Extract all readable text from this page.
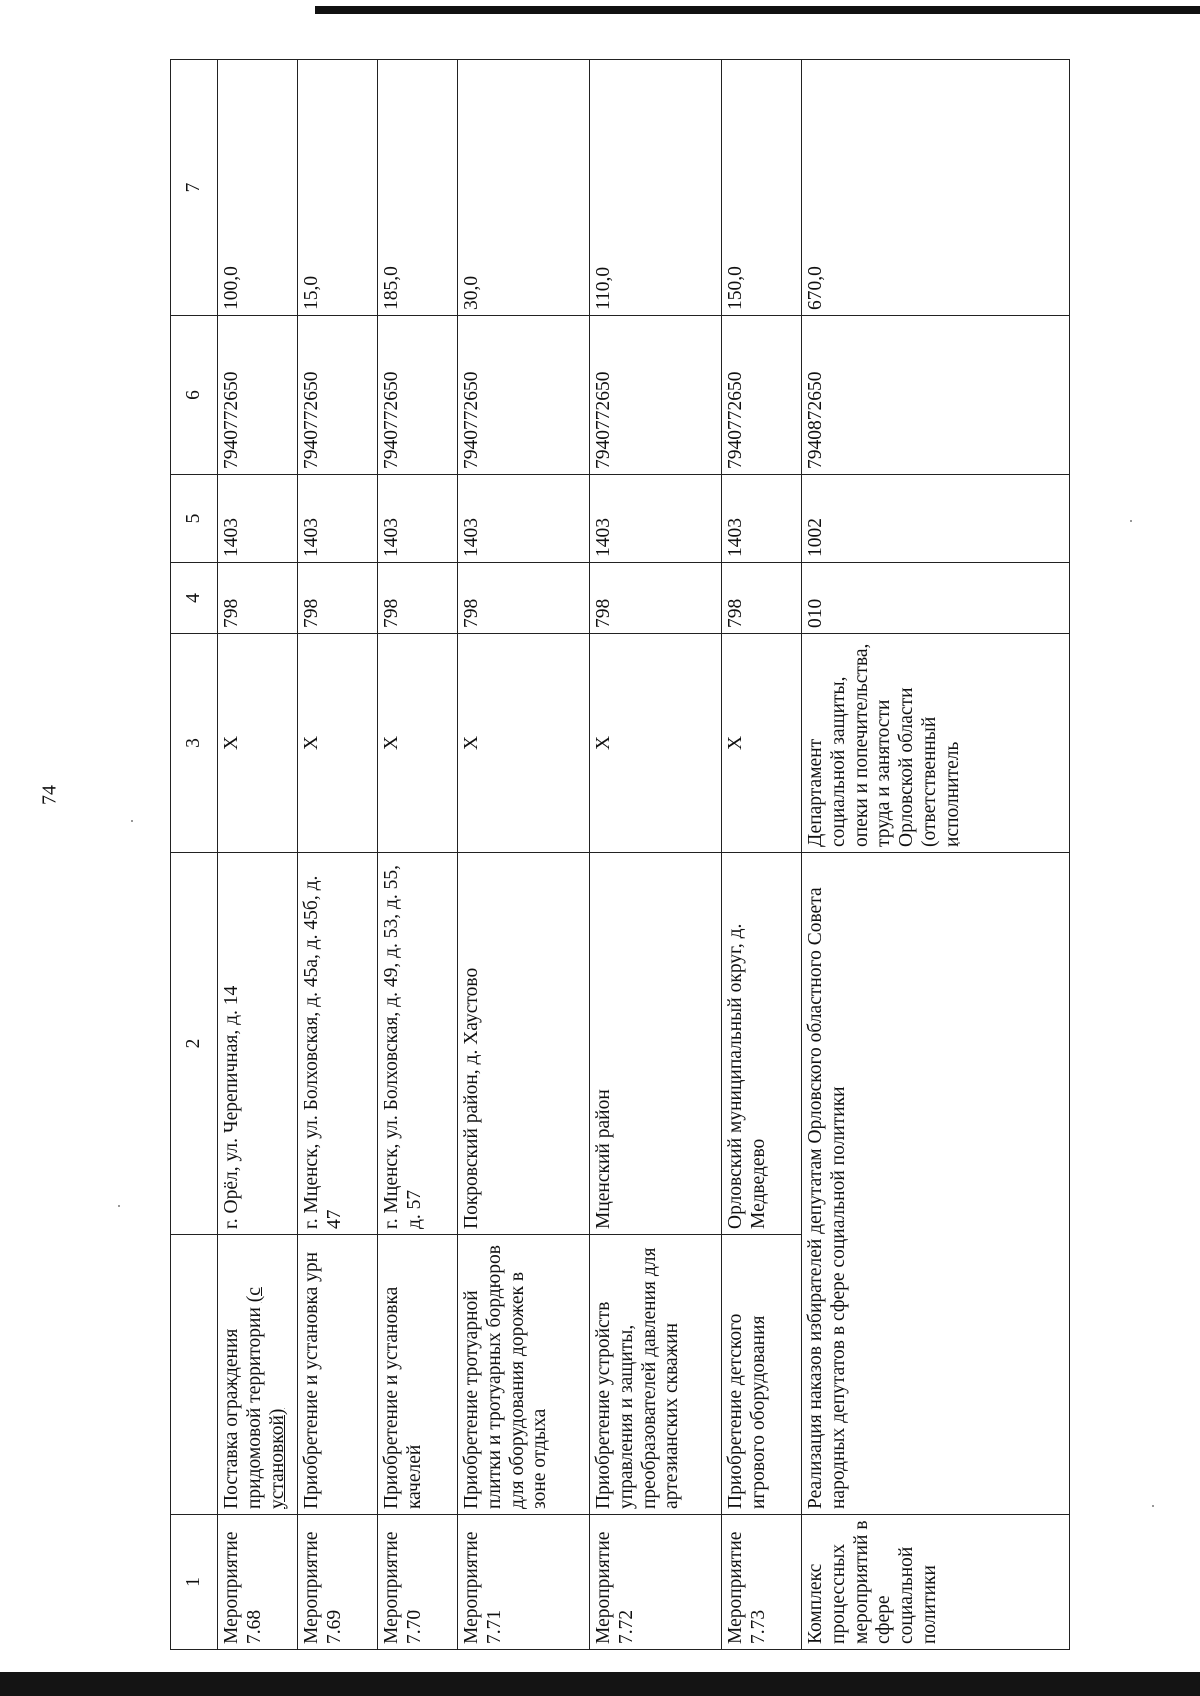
74
1		2	3	4	5	6	7
Мероприятие 7.68	Поставка ограждения придомовой территории (с установкой)	г. Орёл, ул. Черепичная, д. 14	Х	798	1403	7940772650	100,0
Мероприятие 7.69	Приобретение и установка урн	г. Мценск, ул. Болховская, д. 45а, д. 45б, д. 47	Х	798	1403	7940772650	15,0
Мероприятие 7.70	Приобретение и установка качелей	г. Мценск, ул. Болховская, д. 49, д. 53, д. 55, д. 57	Х	798	1403	7940772650	185,0
Мероприятие 7.71	Приобретение тротуарной плитки и тротуарных бордюров для оборудования дорожек в зоне отдыха	Покровский район, д. Хаустово	Х	798	1403	7940772650	30,0
Мероприятие 7.72	Приобретение устройств управления и защиты, преобразователей давления для артезианских скважин	Мценский район	Х	798	1403	7940772650	110,0
Мероприятие 7.73	Приобретение детского игрового оборудования	Орловский муниципальный округ, д. Медведево	Х	798	1403	7940772650	150,0
Комплекс процессных мероприятий в сфере социальной политики	Реализация наказов избирателей депутатам Орловского областного Совета народных депутатов в сфере социальной политики		Департамент социальной защиты, опеки и попечительства, труда и занятости Орловской области (ответственный исполнитель	010	1002	7940872650	670,0
